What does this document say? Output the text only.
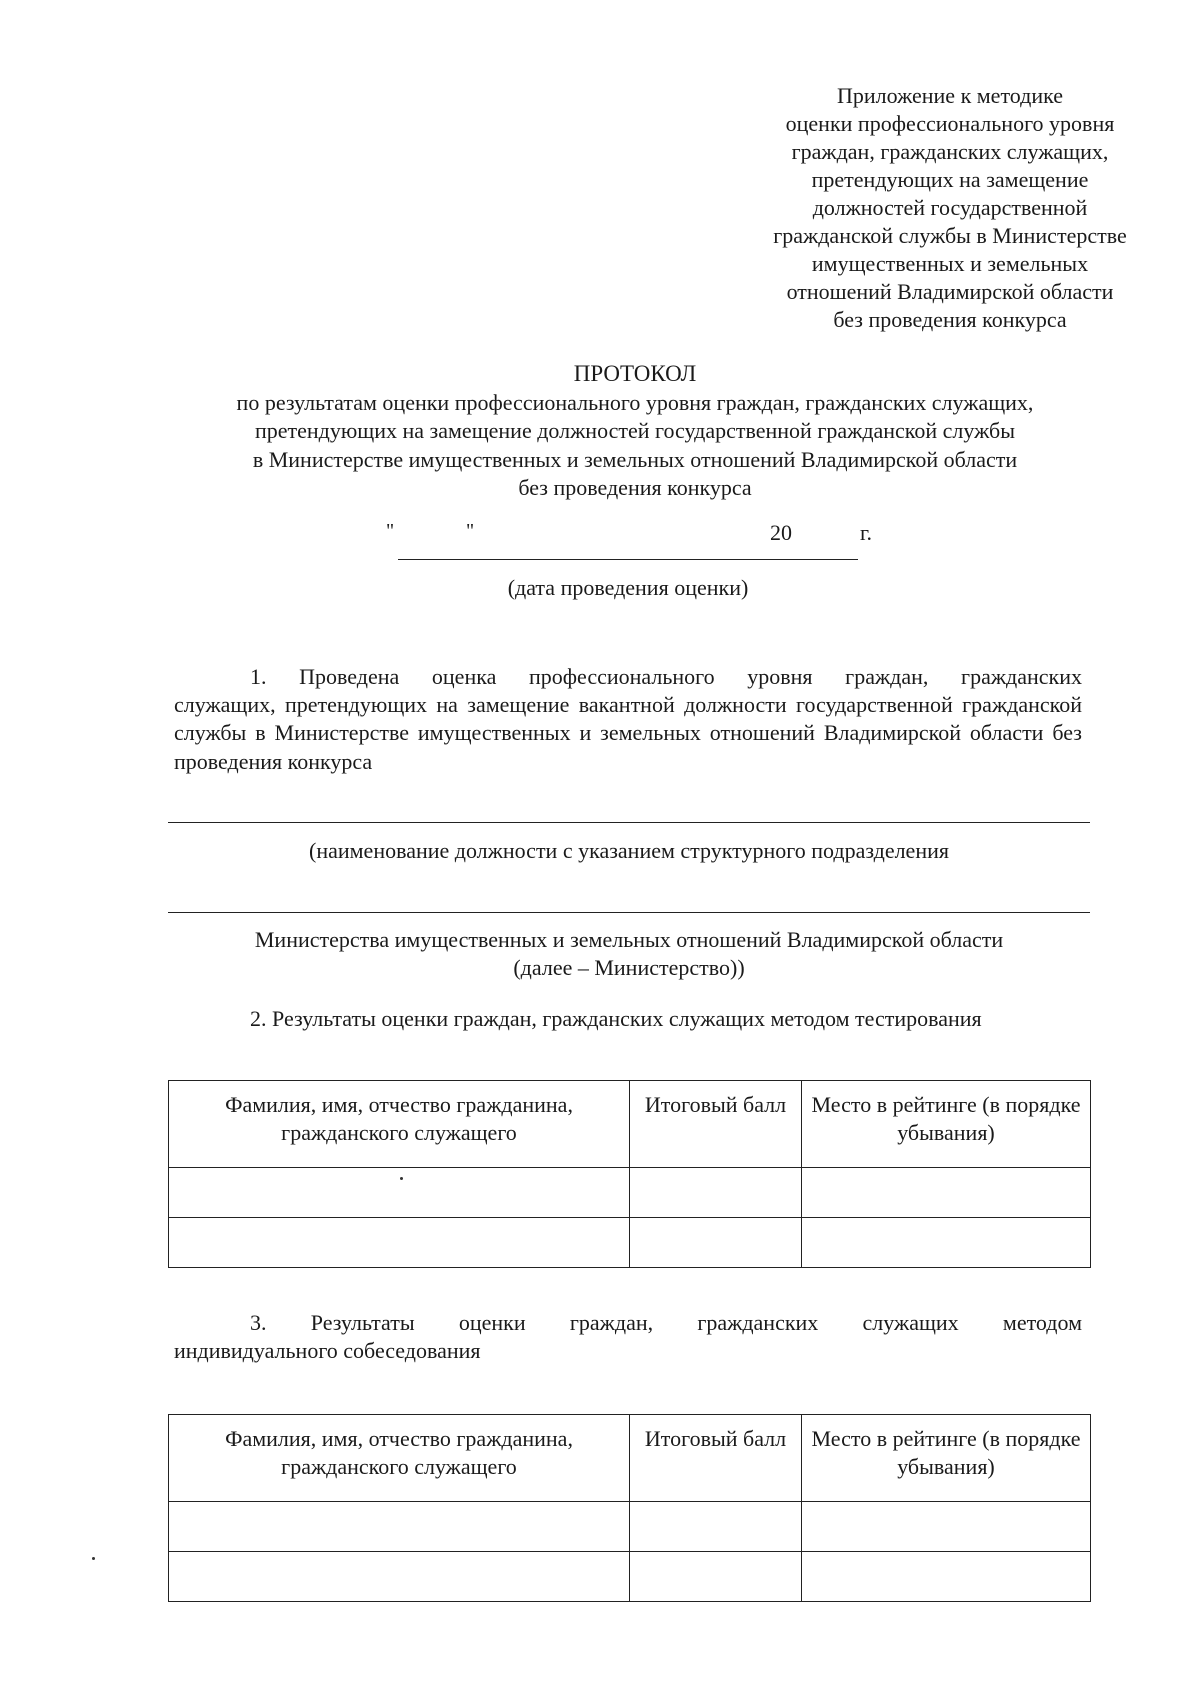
Приложение к методике
оценки профессионального уровня
граждан, гражданских служащих,
претендующих на замещение
должностей государственной
гражданской службы в Министерстве
имущественных и земельных
отношений Владимирской области
без проведения конкурса
ПРОТОКОЛ
по результатам оценки профессионального уровня граждан, гражданских служащих,
претендующих на замещение должностей государственной гражданской службы
в Министерстве имущественных и земельных отношений Владимирской области
без проведения конкурса
"	"	20	г.
(дата проведения оценки)
1. Проведена оценка профессионального уровня граждан, гражданских
служащих, претендующих на замещение вакантной должности государственной гражданской службы в Министерстве имущественных и земельных отношений Владимирской области без проведения конкурса
(наименование должности с указанием структурного подразделения
Министерства имущественных и земельных отношений Владимирской области
(далее – Министерство))
2. Результаты оценки граждан, гражданских служащих методом тестирования
Фамилия, имя, отчество гражданина, гражданского служащего	Итоговый балл	Место в рейтинге (в порядке убывания)

3. Результаты оценки граждан, гражданских служащих методом
индивидуального собеседования
Фамилия, имя, отчество гражданина, гражданского служащего	Итоговый балл	Место в рейтинге (в порядке убывания)
